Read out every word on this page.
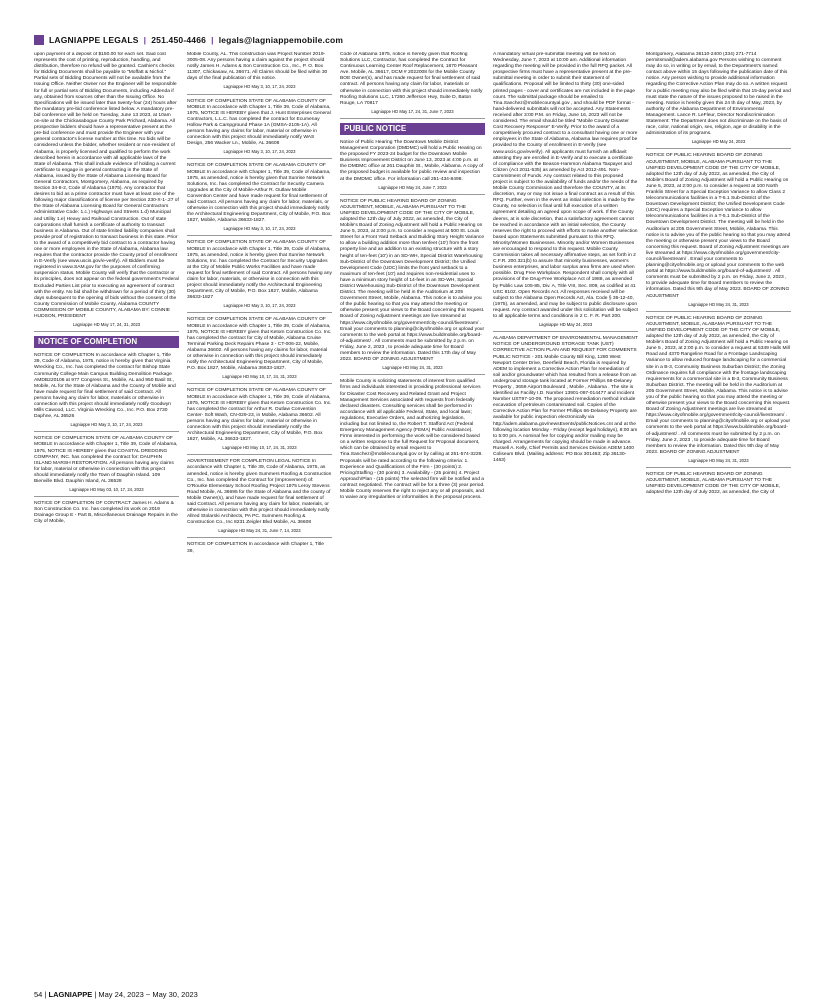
LAGNIAPPE LEGALS | 251.450-4466 | legals@lagniappemobile.com

upon payment of a deposit of $150.00 for each set. Said cost represents the cost of printing, reproduction, handling, and distribution, therefore no refund will be granted. Cashier's checks for Bidding Documents shall be payable to "Moffatt & Nichol." Partial sets of Bidding Documents will not be available from the Issuing Office. Neither Owner nor the Engineer will be responsible for full or partial sets of Bidding Documents, including Addenda if any, obtained from sources other than the Issuing Office. No Specifications will be issued later than twenty-four (24) hours after the mandatory pre-bid conference listed below. A mandatory pre-bid conference will be held on Tuesday, June 13 2023, at 10am on-site at the Chickasabogue County Park Prichard, Alabama. All prospective bidders should have a representative present at the pre-bid conference and must provide the Engineer with your general contractor's license number at this time. No bids will be considered unless the bidder, whether resident or non-resident of Alabama, is properly licensed and qualified to perform the work described herein in accordance with all applicable laws of the State of Alabama. This shall include evidence of holding a current certificate to engage in general contracting in the State of Alabama, issued by the State of Alabama Licensing Board for General Contractors, Montgomery, Alabama, as required by Section 34-8-2, Code of Alabama (1975). Any contractor that desires to bid as a prime contractor must have at least one of the following major classifications of license per Section 230-X-1-.27 of the State of Alabama Licensing Board for General Contractors Administrative Code: 1.c.) Highways and Streets 1.d) Municipal and Utility 1.e) Heavy and Railroad Construction. Out of state corporations shall furnish a certificate of authority to transact business in Alabama. Out of state limited liability companies shall provide proof of registration to transact business in this state. Prior to the award of a competitively bid contract to a contractor having one or more employees in the State of Alabama, Alabama law requires that the contractor provide the County proof of enrollment in E-Verify (see www.uscis.gov/e-verify). All Bidders must be registered in www.SAM.gov for the purposes of confirming suspension status. Mobile County will verify that the contractor or its principles, does not appear on the federal government's Federal Excluded Parties List prior to executing an agreement of contract with the entity. No bid shall be withdrawn for a period of thirty (30) days subsequent to the opening of bids without the consent of the County Commission of Mobile County, Alabama COUNTY COMMISSION OF MOBILE COUNTY, ALABAMA BY: CONNIE HUDSON, PRESIDENT

Lagniappe HD May 17, 24, 31, 2023
NOTICE OF COMPLETION

NOTICE OF COMPLETION In accordance with Chapter 1, Title 39, Code of Alabama, 1975, notice is hereby given that Virginia Wrecking Co., Inc. has completed the contract for Bishop State Community College Main Campus Building Demolition Package AMDB220106 at 977 Congress St., Mobile, AL and 950 Basil St., Mobile, AL for the State of Alabama and the County of Mobile and have made request for final settlement of said Contract. All persons having any claim for labor, materials or otherwise in connection with this project should immediately notify Goodwyn Mills Cawood, LLC. Virginia Wrecking Co., Inc. P.O. Box 2730 Daphne, AL 36526

Lagniappe HD May 3, 10, 17, 24, 2023

NOTICE OF COMPLETION STATE OF ALABAMA COUNTY OF MOBILE In accordance with Chapter 1, Title 39, Code of Alabama, 1975, NOTICE IS HEREBY given that COASTAL DREDGING COMPANY, INC. has completed the contract for: DAUPHIN ISLAND MARSH RESTORATION. All persons having any claims for labor, material or otherwise in connection with this project should immediately notify the Town of Dauphin Island. 109 Bienville Blvd. Dauphin Island, AL 36528

Lagniappe HD May 03, 10, 17, 24, 2023

NOTICE OF COMPLETION OF CONTRACT James H. Adams & Son Construction Co. Inc. has completed its work on 2019 Drainage Group E - Part B, Miscellaneous Drainage Repairs in the City of Mobile,

Mobile County, AL. This construction was Project Number 2019-3005-08. Any persons having a claim against the project should notify James H. Adams & Son Construction Co., Inc., P. O. Box 11307, Chickasaw, AL 36671. All Claims should be filed within 30 days of the final publication of this notice.

Lagniappe HD May 3, 10, 17, 24, 2023

NOTICE OF COMPLETION STATE OF ALABAMA COUNTY OF MOBILE In accordance with Chapter 1, Title 39, Code of Alabama, 1975, NOTICE IS HEREBY given that J. Hunt Enterprises General Contractors, L.L.C. has completed the contract for Ecumenay Hollow Park & Campground Phase 1A (GMSA-2105-1A). All persons having any claims for labor, material or otherwise in connection with this project should immediately notify WAS Design, 256 Wacker Ln., Mobile, AL 36608

Lagniappe HD May 3, 10, 17, 24, 2023

NOTICE OF COMPLETION STATE OF ALABAMA COUNTY OF MOBILE In accordance with Chapter 1, Title 39, Code of Alabama, 1975, as amended, notice is hereby given that Sunrise Network Solutions, Inc. has completed the Contract for Security Camera Upgrades at the City of Mobile-Arthur R. Outlaw Mobile Convention Center and have made request for final settlement of said Contract. All persons having any claim for labor, materials, or otherwise in connection with this project should immediately notify the Architectural Engineering Department, City of Mobile, P.O. Box 1827, Mobile, Alabama 36633-1827.

Lagniappe HD May 3, 10, 17, 24, 2023

NOTICE OF COMPLETION STATE OF ALABAMA COUNTY OF MOBILE In accordance with Chapter 1, Title 39, Code of Alabama, 1975, as amended, notice is hereby given that Sunrise Network Solutions, Inc. has completed the Contract for Security Upgrades at the City of Mobile Public Works Facilities and have made request for final settlement of said Contract. All persons having any claim for labor, materials, or otherwise in connection with this project should immediately notify the Architectural Engineering Department, City of Mobile, P.O. Box 1827, Mobile, Alabama 36633-1827

Lagniappe HD May 3, 10, 17, 24, 2023

NOTICE OF COMPLETION STATE OF ALABAMA COUNTY OF MOBILE In accordance with Chapter 1, Title 39, Code of Alabama, 1975, NOTICE IS HEREBY given that Ketom Construction Co. Inc. has completed the contract for City of Mobile, Alabama Cruise Terminal Parking Deck Repairs Phase 3 - CT-006-22, Mobile, Alabama 36602. All persons having any claims for labor, material or otherwise in connection with this project should immediately notify the Architectural Engineering Department, City of Mobile, P.O. Box 1827, Mobile, Alabama 36633-1827.

Lagniappe HD May 10, 17, 24, 31, 2023

NOTICE OF COMPLETION STATE OF ALABAMA COUNTY OF MOBILE In accordance with Chapter 1, Title 39, Code of Alabama, 1975, NOTICE IS HEREBY given that Ketom Construction Co. Inc. has completed the contract for Arthur R. Outlaw Convention Center- Soft Wash, CN-029-23, in Mobile, Alabama 36602. All persons having any claims for labor, material or otherwise in connection with this project should immediately notify the Architectural Engineering Department, City of Mobile, P.O. Box 1827, Mobile, AL 36633-1827.

Lagniappe HD May 10, 17, 24, 31, 2023

ADVERTISEMENT FOR COMPLETION LEGAL NOTICE In accordance with Chapter 1, Title 39, Code of Alabama, 1975, as amended, notice is hereby given Summers Roofing & Construction Co., Inc. has completed the Contract for (Improvement) of: O'Rourke Elementary School Roofing Project 1975 Leroy Stevens Road Mobile, AL 36695 for the State of Alabama and the county of Mobile Owner(s), and have made request for final settlement of said Contract. All persons having any claim for labor, materials, or otherwise in connection with this project should immediately notify Allred Stolarski Architects, PA PC. Summers Roofing & Construction Co., Inc 8231 Zeigler Blvd Mobile, AL 36608

Lagniappe HD May 24, 31, June 7, 14, 2023

NOTICE OF COMPLETION In accordance with Chapter 1, Title 39,

Code of Alabama 1975, notice is hereby given that Roofing Solutions LLC, Contractor, has completed the Contract for Continuous Learning Center Roof Replacement, 1870 Pleasant Ave. Mobile, AL 36617, DCM # 2022008 for the Mobile County BOE Owner(s), and has made request for final settlement of said contract. All persons having any claim for labor, materials or otherwise in connection with this project should immediately notify Roofing Solutions LLC, 17260 Jefferson Hwy, Suite D, Baton Rouge, LA 70817

Lagniappe HD May 17, 24, 31, June 7, 2023
PUBLIC NOTICE

Notice of Public Hearing The Downtown Mobile District Management Corporation (DMDMC) will hold a Public Hearing on the proposed FY 2023-24 budget for the Downtown Mobile Business Improvement District on June 13, 2023 at 4:00 p.m. at the DMDMC office at 261 Dauphin St., Mobile, Alabama. A copy of the proposed budget is available for public review and inspection at the DMDMC office. For information call 251-434-8498.

Lagniappe HD May 24, June 7, 2023

NOTICE OF PUBLIC HEARING BOARD OF ZONING ADJUSTMENT, MOBILE, ALABAMA PURSUANT TO THE UNIFIED DEVELOPMENT CODE OF THE CITY OF MOBILE, adopted the 12th day of July 2022, as amended, the City of Mobile's Board of Zoning Adjustment will hold a Public Hearing on June 5, 2023, at 2:00 p.m. to consider a request at 500 St. Louis Street for a Front Yard Setback and Building Story Height Variance to allow a building addition more than tenfeet (10') from the front property line and an addition to an existing structure with a story height of ten-feet (10') in an SD-WH, Special District Warehousing Sub-District of the Downtown Development District; the Unified Development Code (UDC) limits the front yard setback to a maximum of ten-feet (10') and requires non-residential uses to have a minimum story height of 14-feet in an SD-WH, Special District Warehousing Sub-District of the Downtown Development District. The meeting will be held in the Auditorium at 205 Government Street, Mobile, Alabama. This notice is to advise you of the public hearing so that you may attend the meeting or otherwise present your views to the Board concerning this request. Board of Zoning Adjustment meetings are live streamed at https://www.cityofmobile.org/government/city-council/livestream/ . Email your comments to planning@cityofmobile.org or upload your comments to the web portal at https://www.buildmobile.org/board-of-adjustment/ . All comments must be submitted by 2 p.m. on Friday, June 2, 2023 , to provide adequate time for Board members to review the information. Dated this 17th day of May 2023. BOARD OF ZONING ADJUSTMENT

Lagniappe HD May 24, 31, 2023

Mobile County is soliciting statements of interest from qualified firms and individuals interested in providing professional services for Disaster Cost Recovery and Related Grant and Project Management Services associated with requests from federally declared disasters. Consulting services shall be performed in accordance with all applicable Federal, State, and local laws; regulations, Executive Orders, and authorizing legislation, including but not limited to, the Robert T. Stafford Act (Federal Emergency Management Agency (FEMA) Public Assistance). Firms interested in performing the work will be considered based on a written response to the full Request for Proposal document, which can be obtained by email request to Tina.Sanchez@mobilecountyal.gov or by calling at 251-574-3229. Proposals will be rated according to the following criteria: 1. Experience and Qualifications of the Firm - (30 points) 2. Pricing/Staffing - (30 points) 3. Availability - (25 points) 4. Project Approach/Plan - (15 points) The selected firm will be notified and a contract negotiated. The contract will be for a three (3) year period. Mobile County reserves the right to reject any or all proposals, and to waive any irregularities or informalities in the proposal process.

A mandatory virtual pre-submittal meeting will be held on Wednesday, June 7, 2023 at 10:00 am. Additional information regarding the meeting will be provided in the full RFQ packet. All prospective firms must have a representative present at the pre-submittal meeting in order to submit their statement of qualifications. Proposal will be limited to thirty (30) one-sided printed pages - cover and certificates are not included in the page count. The submittal package should be emailed to Tina.Sanchez@mobilecountyal.gov , and should be PDF format - hand-delivered submittals will not be accepted. Any Statements received after 3:00 P.M. on Friday, June 16, 2023 will not be considered. The email should be titled "Mobile County Disaster Cost Recovery Response" E-Verify. Prior to the award of a competitively procured contract to a consultant having one or more employees in the State of Alabama, Alabama law requires proof be provided to the County of enrollment in E-Verify (see www.uscis.gov/everify). All applicants must furnish an affidavit attesting they are enrolled in E-Verify and to execute a certificate of compliance with the Beason-Hammon Alabama Taxpayer and Citizen (Act 2011-535) as amended by Act 2012-491. Non-Commitment of Funds. Any contract related to this proposed project is subject to the availability of funds and/or the needs of the Mobile County Commission and therefore the COUNTY, at its discretion, may or may not issue a final contract as a result of this RFQ. Further, even in the event an initial selection is made by the County, no selection is final until full execution of a written agreement detailing an agreed upon scope of work. If the County deems, at is sole discretion, that a satisfactory agreement cannot be reached in accordance with an initial selection, the County reserves the right to proceed with efforts to make another selection based upon Statements submitted pursuant to this RFQ. Minority/Women Businesses. Minority and/or Women Businesses are encouraged to respond to this request. Mobile County Commission takes all necessary affirmative steps, as set forth in 2 C.F.R. 200.321(b) to assure that minority businesses, women's business enterprises, and labor surplus area firms are used when possible. Drug Free Workplace. Respondent shall comply with all provisions of the Drug-Free Workplace Act of 1988, as amended by Public Law 105-85, Div. A, Title VIII, Sec. 809, as codified at 41 USC 8102. Open Records Act. All responses received will be subject to the Alabama Open Records Act, Ala. Code § 36-12-40, (1975), as amended, and may be subject to public disclosure upon request. Any contract awarded under this solicitation will be subject to all applicable terms and conditions in 2 C. F. R. Part 200.

Lagniappe HD May 24, 2023

ALABAMA DEPARTMENT OF ENVIRONMENTAL MANAGEMENT NOTICE OF UNDERGROUND STORAGE TANK (UST) CORRECTIVE ACTION PLAN AND REQUEST FOR COMMENTS PUBLIC NOTICE - 201 Mobile County Bill King, 1280 West Newport Center Drive, Deerfield Beach, Florida is required by ADEM to implement a Corrective Action Plan for remediation of soil and/or groundwater which has resulted from a release from an underground storage tank located at Former Phillips 66-Delaney Property , 3659 Airport Boulevard , Mobile , Alabama . The site is identified as Facility I.D. Number 13901-097-014477 and Incident Number UST97-10-09. The proposed remediation method include excavation of petroleum contaminated soil. Copies of the Corrective Action Plan for Former Phillips 66-Delaney Property are available for public inspection electronically via http://adem.alabama.gov/newsEvents/publicNotices.cnt and at the following location Monday - Friday (except legal holidays), 8:00 am to 5:00 pm. A nominal fee for copying and/or mailing may be charged. Arrangements for copying should be made in advance. Russell A. Kelly, Chief Permits and Services Division ADEM 1400 Coliseum Blvd. (Mailing address: PO Box 301463; Zip 36130-1463)

Montgomery, Alabama 36110-2400 (334) 271-7714 permitsmail@adem.alabama.gov Persons wishing to comment may do so, in writing or by email, to the Department's named contact above within 15 days following the publication date of this notice. Any person wishing to provide additional information regarding the Corrective Action Plan may do so. A written request for a public meeting may also be filed within that 15-day period and must state the nature of the issues proposed to be raised in the meeting. Notice is hereby given this 24 th day of May, 2023, by authority of the Alabama Department of Environmental Management. Lance R. LeFleur, Director Nondiscrimination Statement: The Department does not discriminate on the basis of race, color, national origin, sex, religion, age or disability in the administration of its programs.

Lagniappe HD May 24, 2023

NOTICE OF PUBLIC HEARING BOARD OF ZONING ADJUSTMENT, MOBILE, ALABAMA PURSUANT TO THE UNIFIED DEVELOPMENT CODE OF THE CITY OF MOBILE, adopted the 12th day of July 2022, as amended, the City of Mobile's Board of Zoning Adjustment will hold a Public Hearing on June 5, 2023, at 2:00 p.m. to consider a request at 100 North Franklin Street for a Special Exception Variance to allow Class 2 telecommunications facilities in a T-5.1 Sub-District of the Downtown Development District; the Unified Development Code (UDC) requires a Special Exception Variance to allow telecommunications facilities in a T-5.1 Sub-District of the Downtown Development District. The meeting will be held in the Auditorium at 205 Government Street, Mobile, Alabama. This notice is to advise you of the public hearing so that you may attend the meeting or otherwise present your views to the Board concerning this request. Board of Zoning Adjustment meetings are live streamed at https://www.cityofmobile.org/government/city-council/livestream/ . Email your comments to planning@cityofmobile.org or upload your comments to the web portal at https://www.buildmobile.org/board-of-adjustment/ . All comments must be submitted by 2 p.m. on Friday, June 2, 2023 , to provide adequate time for Board members to review the information. Dated this 9th day of May 2023. BOARD OF ZONING ADJUSTMENT

Lagniappe HD May 24, 31, 2023

NOTICE OF PUBLIC HEARING BOARD OF ZONING ADJUSTMENT, MOBILE, ALABAMA PURSUANT TO THE UNIFIED DEVELOPMENT CODE OF THE CITY OF MOBILE, adopted the 12th day of July 2022, as amended, the City of Mobile's Board of Zoning Adjustment will hold a Public Hearing on June 5 , 2023, at 2:00 p.m. to consider a request at 5349 Halls Mill Road and 4370 Rangeline Road for a Frontage Landscaping Variance to allow reduced frontage landscaping for a commercial site in a B-3, Community Business Suburban District; the Zoning Ordinance requires full compliance with the frontage landscaping requirements for a commercial site in a B-3, Community Business Suburban District. The meeting will be held in the Auditorium at 205 Government Street, Mobile, Alabama. This notice is to advise you of the public hearing so that you may attend the meeting or otherwise present your views to the Board concerning this request. Board of Zoning Adjustment meetings are live streamed at https://www.cityofmobile.org/government/city-council/livestream/ . Email your comments to planning@cityofmobile.org or upload your comments to the web portal at https://www.buildmobile.org/board-of-adjustment/ . All comments must be submitted by 2 p.m. on Friday, June 2, 2023 , to provide adequate time for Board members to review the information. Dated this 9th day of May 2023. BOARD OF ZONING ADJUSTMENT

Lagniappe HD May 24, 31, 2023

NOTICE OF PUBLIC HEARING BOARD OF ZONING ADJUSTMENT, MOBILE, ALABAMA PURSUANT TO THE UNIFIED DEVELOPMENT CODE OF THE CITY OF MOBILE, adopted the 12th day of July 2022, as amended, the City of

54 | LAGNIAPPE | May 24, 2023 ~ May 30, 2023
